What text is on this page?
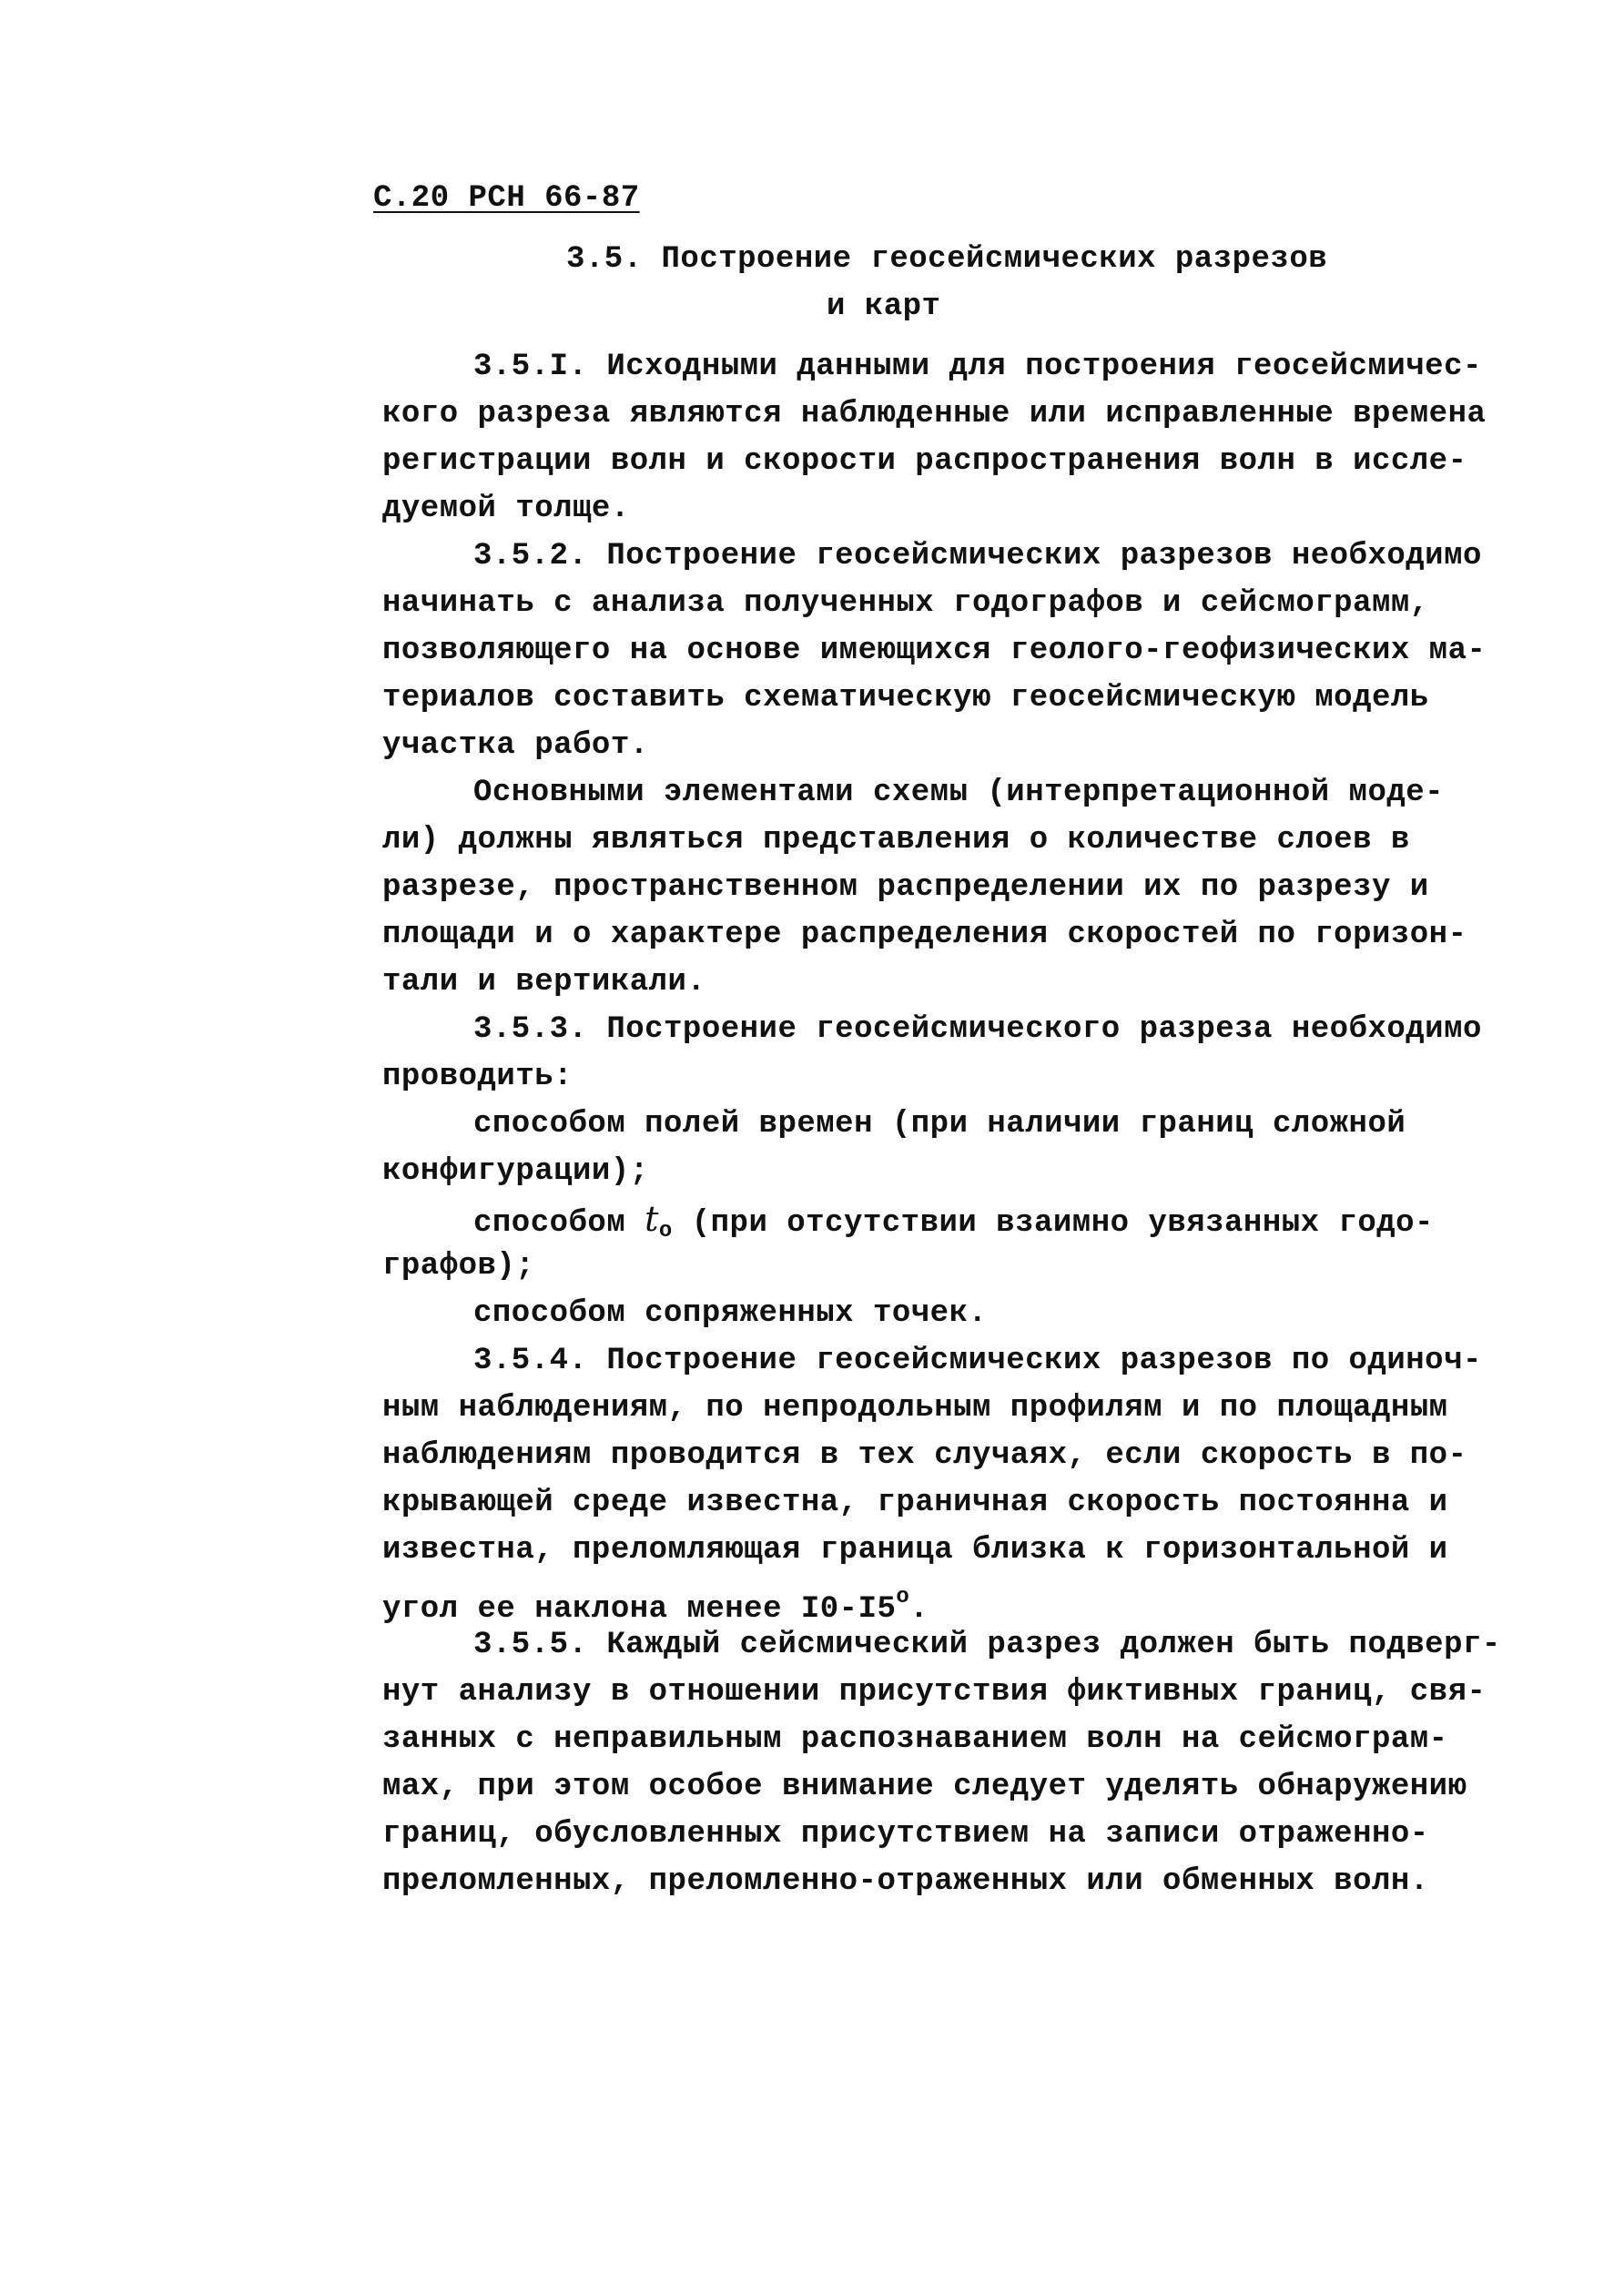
С.20 РСН 66-87
3.5. Построение геосейсмических разрезов
и карт
3.5.I. Исходными данными для построения геосейсмичес-
кого разреза являются наблюденные или исправленные времена
регистрации волн и скорости распространения волн в иссле-
дуемой толще.
3.5.2. Построение геосейсмических разрезов необходимо
начинать с анализа полученных годографов и сейсмограмм,
позволяющего на основе имеющихся геолого-геофизических ма-
териалов составить схематическую геосейсмическую модель
участка работ.
Основными элементами схемы (интерпретационной моде-
ли) должны являться представления о количестве слоев в
разрезе, пространственном распределении их по разрезу и
площади и о характере распределения скоростей по горизон-
тали и вертикали.
3.5.3. Построение геосейсмического разреза необходимо
проводить:
способом полей времен (при наличии границ сложной
конфигурации);
способом $t_o$ (при отсутствии взаимно увязанных годо-
графов);
способом сопряженных точек.
3.5.4. Построение геосейсмических разрезов по одиноч-
ным наблюдениям, по непродольным профилям и по площадным
наблюдениям проводится в тех случаях, если скорость в по-
крывающей среде известна, граничная скорость постоянна и
известна, преломляющая граница близка к горизонтальной и
угол ее наклона менее $I0-I5^о$.
3.5.5. Каждый сейсмический разрез должен быть подверг-
нут анализу в отношении присутствия фиктивных границ, свя-
занных с неправильным распознаванием волн на сейсмограм-
мах, при этом особое внимание следует уделять обнаружению
границ, обусловленных присутствием на записи отраженно-
преломленных, преломленно-отраженных или обменных волн.
